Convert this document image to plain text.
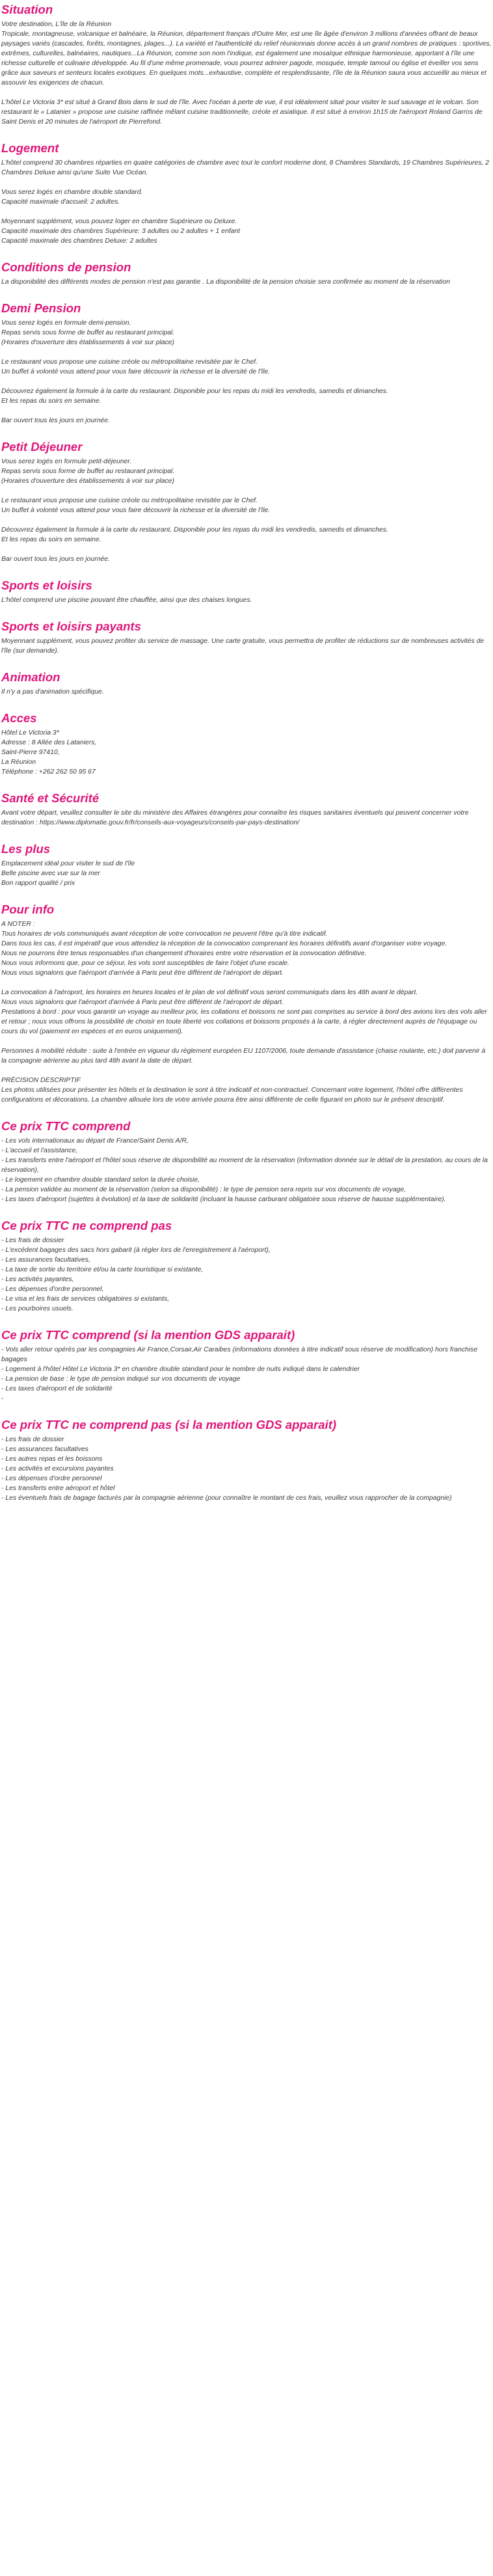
Situation
Votre destination, L'île de la Réunion
Tropicale, montagneuse, volcanique et balnéaire, la Réunion, département français d'Outre Mer, est une île âgée d'environ 3 millions d'années offrant de beaux paysages variés (cascades, forêts, montagnes, plages...). La variété et l'authenticité du relief réunionnais donne accès à un grand nombres de pratiques : sportives, extrêmes, culturelles, balnéaires, nautiques...La Réunion, comme son nom l'indique, est également une mosaïque ethnique harmonieuse, apportant à l'île une richesse culturelle et culinaire développée. Au fil d'une même promenade, vous pourrez admirer pagode, mosquée, temple tamoul ou église et éveiller vos sens grâce aux saveurs et senteurs locales exotiques. En quelques mots...exhaustive, complète et resplendissante, l'île de la Réunion saura vous accueillir au mieux et assouvir les exigences de chacun.
L'hôtel Le Victoria 3* est situé à Grand Bois dans le sud de l'île. Avec l'océan à perte de vue, il est idéalement situé pour visiter le sud sauvage et le volcan. Son restaurant le « Latanier » propose une cuisine raffinée mêlant cuisine traditionnelle, créole et asiatique. Il est situé à environ 1h15 de l'aéroport Roland Garros de Saint Denis et 20 minutes de l'aéroport de Pierrefond.
Logement
L'hôtel comprend 30 chambres réparties en quatre catégories de chambre avec tout le confort moderne dont, 8 Chambres Standards, 19 Chambres Supérieures, 2 Chambres Deluxe ainsi qu'une Suite Vue Océan.
Vous serez logés en chambre double standard.
Capacité maximale d'accueil: 2 adultes.
Moyennant supplément, vous pouvez loger en chambre Supérieure ou Deluxe.
Capacité maximale des chambres Supérieure: 3 adultes ou 2 adultes + 1 enfant
Capacité maximale des chambres Deluxe: 2 adultes
Conditions de pension
La disponibilité des différents modes de pension n'est pas garantie . La disponibilité de la pension choisie sera confirmée au moment de la réservation
Demi Pension
Vous serez logés en formule demi-pension.
Repas servis sous forme de buffet au restaurant principal.
(Horaires d'ouverture des établissements à voir sur place)
Le restaurant vous propose une cuisine créole ou métropolitaine revisitée par le Chef.
Un buffet à volonté vous attend pour vous faire découvrir la richesse et la diversité de l'île.
Découvrez également la formule à la carte du restaurant. Disponible pour les repas du midi les vendredis, samedis et dimanches.
Et les repas du soirs en semaine.
Bar ouvert tous les jours en journée.
Petit Déjeuner
Vous serez logés en formule petit-déjeuner.
Repas servis sous forme de buffet au restaurant principal.
(Horaires d'ouverture des établissements à voir sur place)
Le restaurant vous propose une cuisine créole ou métropolitaine revisitée par le Chef.
Un buffet à volonté vous attend pour vous faire découvrir la richesse et la diversité de l'île.
Découvrez également la formule à la carte du restaurant. Disponible pour les repas du midi les vendredis, samedis et dimanches.
Et les repas du soirs en semaine.
Bar ouvert tous les jours en journée.
Sports et loisirs
L'hôtel comprend une piscine pouvant être chauffée, ainsi que des chaises longues.
Sports et loisirs payants
Moyennant supplément, vous pouvez profiter du service de massage. Une carte gratuite, vous permettra de profiter de réductions sur de nombreuses activités de l'île (sur demande).
Animation
Il n'y a pas d'animation spécifique.
Acces
Hôtel Le Victoria 3*
Adresse : 8 Allée des Lataniers,
Saint-Pierre 97410,
La Réunion
Téléphone : +262 262 50 95 67
Santé et Sécurité
Avant votre départ, veuillez consulter le site du ministère des Affaires étrangères pour connaître les risques sanitaires éventuels qui peuvent concerner votre destination : https://www.diplomatie.gouv.fr/fr/conseils-aux-voyageurs/conseils-par-pays-destination/
Les plus
Emplacement idéal pour visiter le sud de l'île
Belle piscine avec vue sur la mer
Bon rapport qualité / prix
Pour info
A NOTER :
Tous horaires de vols communiqués avant réception de votre convocation ne peuvent l'être qu'à titre indicatif.
Dans tous les cas, il est impératif que vous attendiez la réception de la convocation comprenant les horaires définitifs avant d'organiser votre voyage.
Nous ne pourrons être tenus responsables d'un changement d'horaires entre votre réservation et la convocation définitive.
Nous vous informons que, pour ce séjour, les vols sont susceptibles de faire l'objet d'une escale.
Nous vous signalons que l'aéroport d'arrivée à Paris peut être différent de l'aéroport de départ.
La convocation à l'aéroport, les horaires en heures locales et le plan de vol définitif vous seront communiqués dans les 48h avant le départ.
Nous vous signalons que l'aéroport d'arrivée à Paris peut être différent de l'aéroport de départ.
Prestations à bord : pour vous garantir un voyage au meilleur prix, les collations et boissons ne sont pas comprises au service à bord des avions lors des vols aller et retour ; nous vous offrons la possibilité de choisir en toute liberté vos collations et boissons proposés à la carte, à régler directement auprès de l'équipage ou cours du vol (paiement en espèces et en euros uniquement).
Personnes à mobilité réduite : suite à l'entrée en vigueur du règlement européen EU 1107/2006, toute demande d'assistance (chaise roulante, etc.) doit parvenir à la compagnie aérienne au plus tard 48h avant la date de départ.
PRÉCISION DESCRIPTIF
Les photos utilisées pour présenter les hôtels et la destination le sont à titre indicatif et non-contractuel. Concernant votre logement, l'hôtel offre différentes configurations et décorations. La chambre allouée lors de votre arrivée pourra être ainsi différente de celle figurant en photo sur le présent descriptif.
Ce prix TTC comprend
- Les vols internationaux au départ de France/Saint Denis A/R,
- L'accueil et l'assistance,
- Les transferts entre l'aéroport et l'hôtel sous réserve de disponibilité au moment de la réservation (information donnée sur le détail de la prestation, au cours de la réservation),
- Le logement en chambre double standard selon la durée choisie,
- La pension validée au moment de la réservation (selon sa disponibilité) : le type de pension sera repris sur vos documents de voyage,
- Les taxes d'aéroport (sujettes à évolution) et la taxe de solidarité (incluant la hausse carburant obligatoire sous réserve de hausse supplémentaire).
Ce prix TTC ne comprend pas
- Les frais de dossier
- L'excédent bagages des sacs hors gabarit (à régler lors de l'enregistrement à l'aéroport),
- Les assurances facultatives,
- La taxe de sortie du territoire et/ou la carte touristique si existante,
- Les activités payantes,
- Les dépenses d'ordre personnel,
- Le visa et les frais de services obligatoires si existants,
- Les pourboires usuels.
Ce prix TTC comprend (si la mention GDS apparait)
- Vols aller retour opérés par les compagnies Air France,Corsair,Air Caraibes (informations données à titre indicatif sous réserve de modification) hors franchise bagages
- Logement à l'hôtel Hôtel Le Victoria 3* en chambre double standard pour le nombre de nuits indiqué dans le calendrier
- La pension de base : le type de pension indiqué sur vos documents de voyage
- Les taxes d'aéroport et de solidarité
-
Ce prix TTC ne comprend pas (si la mention GDS apparait)
- Les frais de dossier
- Les assurances facultatives
- Les autres repas et les boissons
- Les activités et excursions payantes
- Les dépenses d'ordre personnel
- Les transferts entre aéroport et hôtel
- Les éventuels frais de bagage facturés par la compagnie aérienne (pour connaître le montant de ces frais, veuillez vous rapprocher de la compagnie)
